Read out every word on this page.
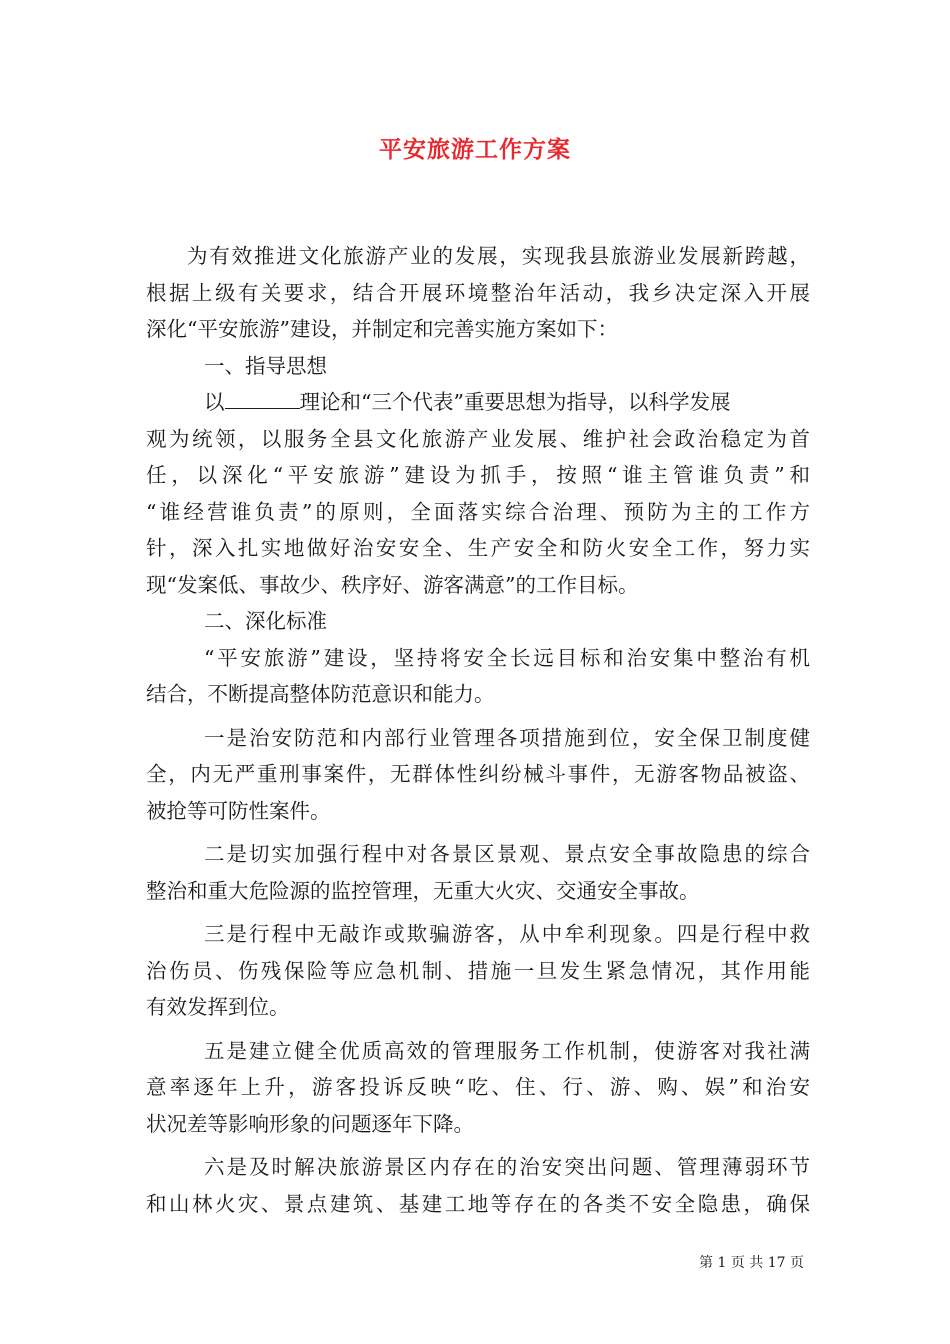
平安旅游工作方案
为有效推进文化旅游产业的发展，实现我县旅游业发展新跨越，
根据上级有关要求，结合开展环境整治年活动，我乡决定深入开展
深化“平安旅游”建设，并制定和完善实施方案如下：
一、指导思想
以	理论和“三个代表”重要思想为指导，以科学发展
观为统领，以服务全县文化旅游产业发展、维护社会政治稳定为首
任，以深化“平安旅游”建设为抓手，按照“谁主管谁负责”和
“谁经营谁负责”的原则，全面落实综合治理、预防为主的工作方
针，深入扎实地做好治安安全、生产安全和防火安全工作，努力实
现“发案低、事故少、秩序好、游客满意”的工作目标。
二、深化标准
“平安旅游”建设，坚持将安全长远目标和治安集中整治有机
结合，不断提高整体防范意识和能力。
一是治安防范和内部行业管理各项措施到位，安全保卫制度健
全，内无严重刑事案件，无群体性纠纷械斗事件，无游客物品被盗、
被抢等可防性案件。
二是切实加强行程中对各景区景观、景点安全事故隐患的综合
整治和重大危险源的监控管理，无重大火灾、交通安全事故。
三是行程中无敲诈或欺骗游客，从中牟利现象。四是行程中救
治伤员、伤残保险等应急机制、措施一旦发生紧急情况，其作用能
有效发挥到位。
五是建立健全优质高效的管理服务工作机制，使游客对我社满
意率逐年上升，游客投诉反映“吃、住、行、游、购、娱”和治安
状况差等影响形象的问题逐年下降。
六是及时解决旅游景区内存在的治安突出问题、管理薄弱环节
和山林火灾、景点建筑、基建工地等存在的各类不安全隐患，确保
第 1 页 共 17 页
